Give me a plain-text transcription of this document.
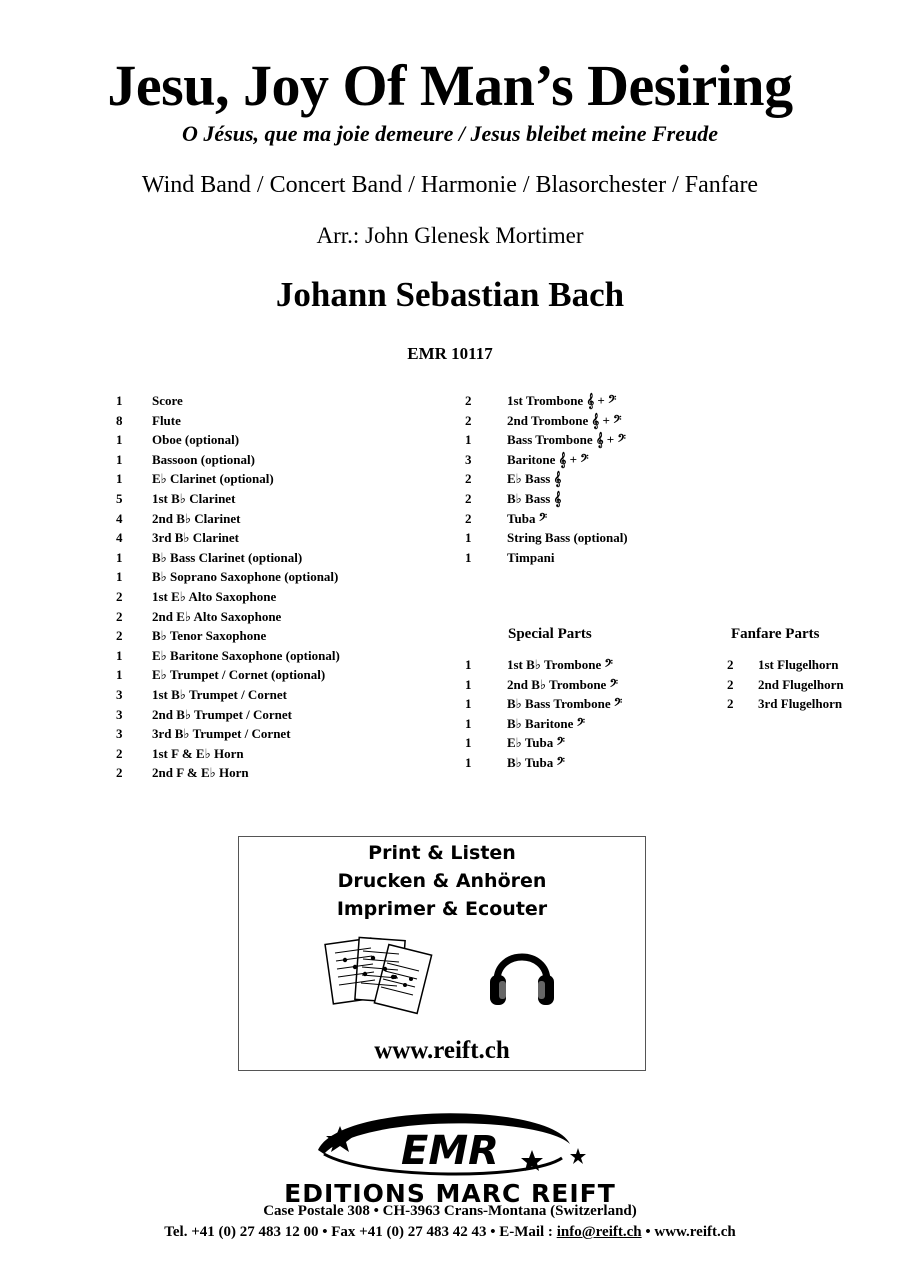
Jesu, Joy Of Man’s Desiring
O Jésus, que ma joie demeure / Jesus bleibet meine Freude
Wind Band / Concert Band / Harmonie / Blasorchester / Fanfare
Arr.: John Glenesk Mortimer
Johann Sebastian Bach
EMR 10117
1 Score
8 Flute
1 Oboe (optional)
1 Bassoon (optional)
1 E♭ Clarinet (optional)
5 1st B♭ Clarinet
4 2nd B♭ Clarinet
4 3rd B♭ Clarinet
1 B♭ Bass Clarinet (optional)
1 B♭ Soprano Saxophone (optional)
2 1st E♭ Alto Saxophone
2 2nd E♭ Alto Saxophone
2 B♭ Tenor Saxophone
1 E♭ Baritone Saxophone (optional)
1 E♭ Trumpet / Cornet (optional)
3 1st B♭ Trumpet / Cornet
3 2nd B♭ Trumpet / Cornet
3 3rd B♭ Trumpet / Cornet
2 1st F & E♭ Horn
2 2nd F & E♭ Horn
2	1st Trombone 𝄞 + 𝄢
2	2nd Trombone 𝄞 + 𝄢
1	Bass Trombone 𝄞 + 𝄢
3	Baritone 𝄞 + 𝄢
2	E♭ Bass 𝄞
2	B♭ Bass 𝄞
2	Tuba 𝄢
1	String Bass (optional)
1	Timpani
Special Parts
1	1st B♭ Trombone 𝄢
1	2nd B♭ Trombone 𝄢
1	B♭ Bass Trombone 𝄢
1	B♭ Baritone 𝄢
1	E♭ Tuba 𝄢
1	B♭ Tuba 𝄢
Fanfare Parts
2 1st Flugelhorn
2 2nd Flugelhorn
2 3rd Flugelhorn
Print & Listen
Drucken & Anhören
Imprimer & Ecouter
www.reift.ch
EMR
EDITIONS MARC REIFT
Case Postale 308 • CH-3963 Crans-Montana (Switzerland)
Tel. +41 (0) 27 483 12 00 • Fax +41 (0) 27 483 42 43 • E-Mail : info@reift.ch • www.reift.ch
